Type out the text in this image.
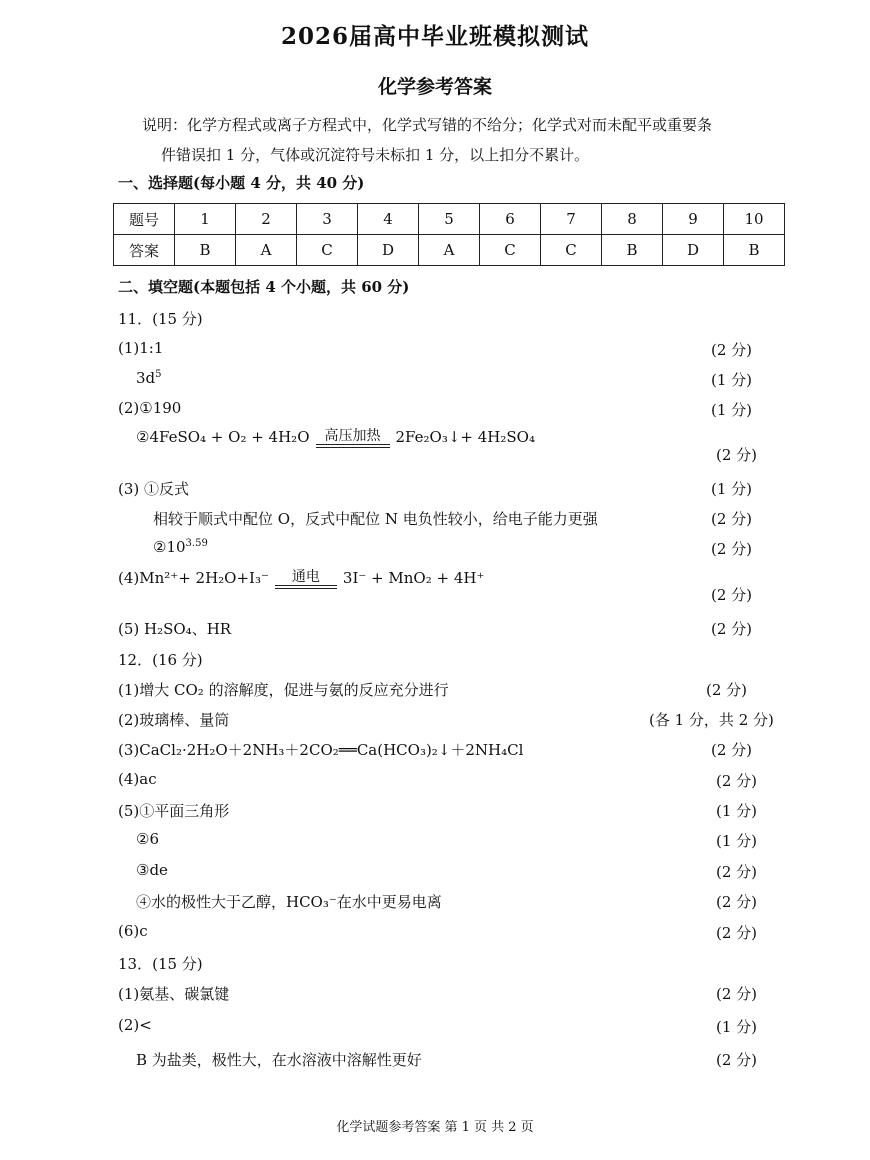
2026届高中毕业班模拟测试
化学参考答案
说明：化学方程式或离子方程式中，化学式写错的不给分；化学式对而未配平或重要条
件错误扣 1 分，气体或沉淀符号未标扣 1 分，以上扣分不累计。
一、选择题(每小题 4 分，共 40 分)
题号	1	2	3	4	5	6	7	8	9	10
答案	B	A	C	D	A	C	C	B	D	B
二、填空题(本题包括 4 个小题，共 60 分)
11．(15 分)
(1)1:1	(2 分)
$3d^5$	(1 分)
(2)①190	(1 分)
②4FeSO₄ + O₂ + 4H₂O	高压加热	2Fe₂O₃↓+ 4H₂SO₄
(2 分)
(3) ①反式	(1 分)
相较于顺式中配位 O，反式中配位 N 电负性较小，给电子能力更强	(2 分)
$②10^{3.59}$	(2 分)
(4)Mn²⁺+ 2H₂O+I₃⁻	通电	3I⁻ + MnO₂ + 4H⁺
(2 分)
(5) H₂SO₄、HR	(2 分)
12．(16 分)
(1)增大 CO₂ 的溶解度，促进与氨的反应充分进行	(2 分)
(2)玻璃棒、量筒	(各 1 分，共 2 分)
(3)CaCl₂·2H₂O＋2NH₃＋2CO₂══Ca(HCO₃)₂↓＋2NH₄Cl	(2 分)
(4)ac	(2 分)
(5)①平面三角形	(1 分)
②6	(1 分)
③de	(2 分)
④水的极性大于乙醇，HCO₃⁻在水中更易电离	(2 分)
(6)c	(2 分)
13．(15 分)
(1)氨基、碳氯键	(2 分)
(2)<	(1 分)
B 为盐类，极性大，在水溶液中溶解性更好	(2 分)
化学试题参考答案 第 1 页 共 2 页
